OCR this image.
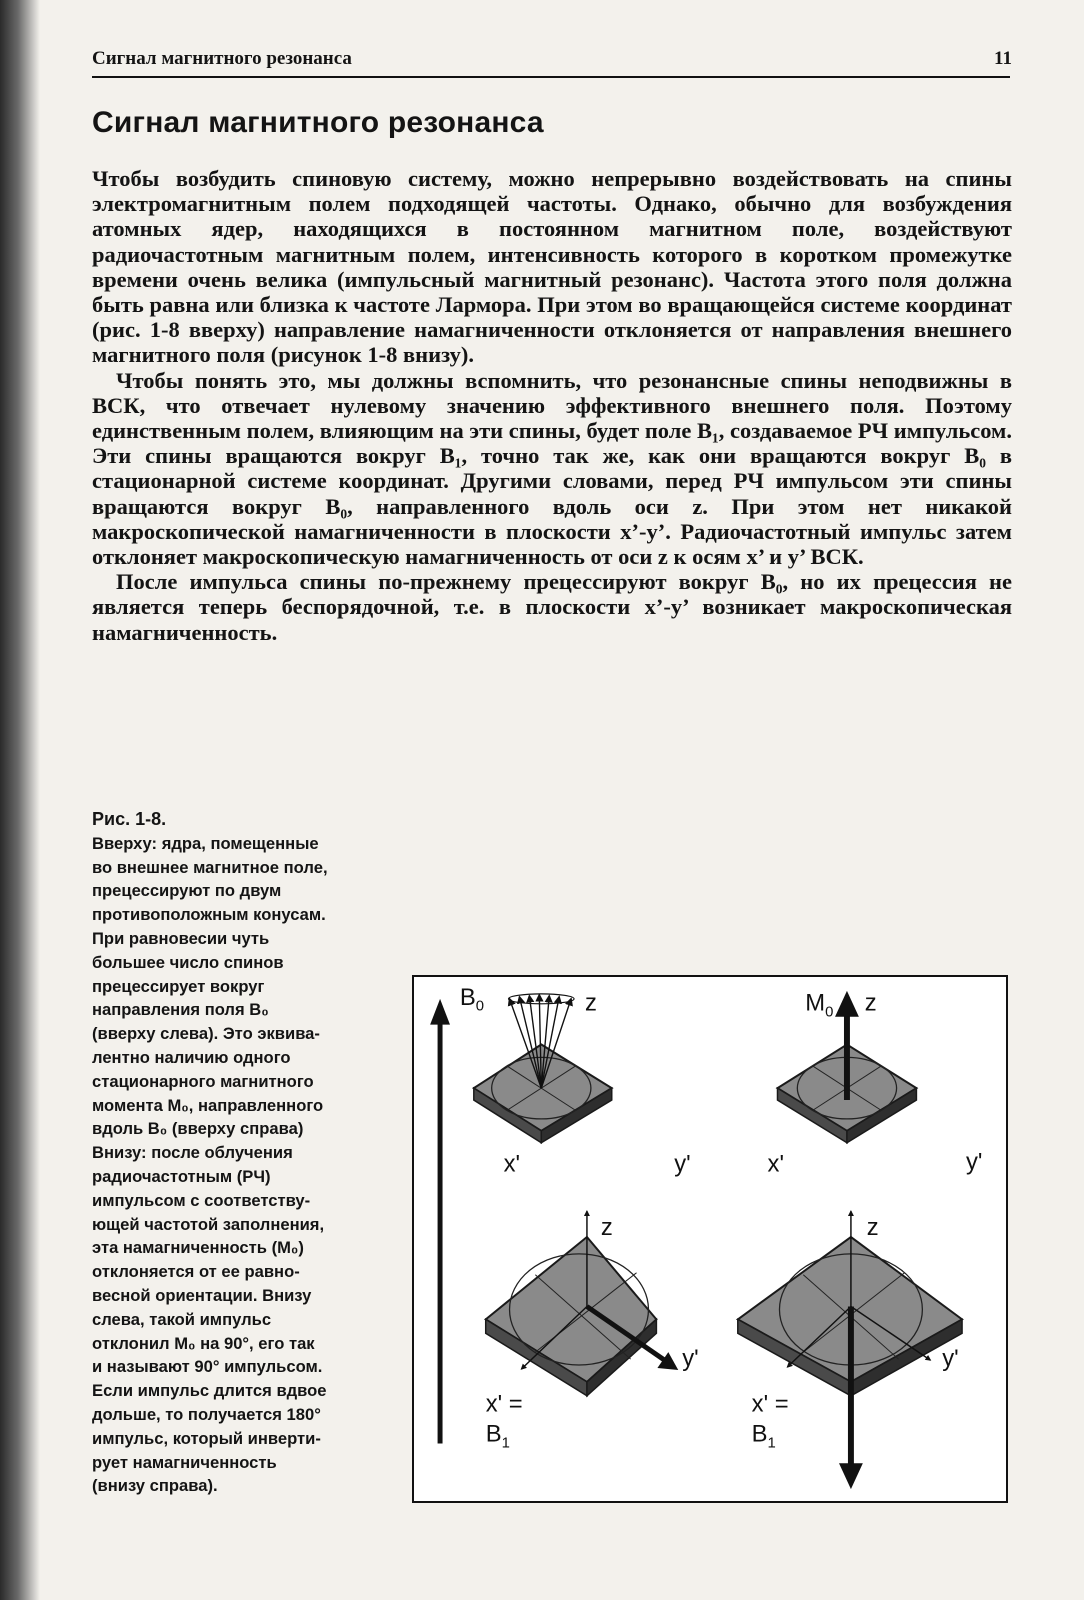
Сигнал магнитного резонанса	11
Сигнал магнитного резонанса

Чтобы возбудить спиновую систему, можно непрерывно воздействовать на спины электромагнитным полем подходящей частоты. Однако, обычно для возбуждения атомных ядер, находящихся в постоянном магнитном поле, воздействуют радиочастотным магнитным полем, интенсивность которого в коротком промежутке времени очень велика (импульсный магнитный резонанс). Частота этого поля должна быть равна или близка к частоте Лармора. При этом во вращающейся системе координат (рис. 1-8 вверху) направление намагниченности отклоняется от направления внешнего магнитного поля (рисунок 1-8 внизу).

Чтобы понять это, мы должны вспомнить, что резонансные спины неподвижны в ВСК, что отвечает нулевому значению эффективного внешнего поля. Поэтому единственным полем, влияющим на эти спины, будет поле B₁, создаваемое РЧ импульсом. Эти спины вращаются вокруг B₁, точно так же, как они вращаются вокруг B₀ в стационарной системе координат. Другими словами, перед РЧ импульсом эти спины вращаются вокруг B₀, направленного вдоль оси z. При этом нет никакой макроскопической намагниченности в плоскости x’-y’. Радиочастотный импульс затем отклоняет макроскопическую намагниченность от оси z к осям x’ и y’ ВСК.

После импульса спины по-прежнему прецессируют вокруг B₀, но их прецессия не является теперь беспорядочной, т.е. в плоскости x’-y’ возникает макроскопическая намагниченность.

Рис. 1-8.
Вверху: ядра, помещенные
во внешнее магнитное поле,
прецессируют по двум
противоположным конусам.
При равновесии чуть
большее число спинов
прецессирует вокруг
направления поля B₀
(вверху слева). Это эквива-
лентно наличию одного
стационарного магнитного
момента M₀, направленного
вдоль B₀ (вверху справа)
Внизу: после облучения
радиочастотным (РЧ)
импульсом с соответству-
ющей частотой заполнения,
эта намагниченность (M₀)
отклоняется от ее равно-
весной ориентации. Внизу
слева, такой импульс
отклонил M₀ на 90°, его так
и называют 90° импульсом.
Если импульс длится вдвое
дольше, то получается 180°
импульс, который инверти-
рует намагниченность
(внизу справа).
z
x'	y'
$B_0$	$M_0$ z
x'	y'
z
y'
x' =
$B_1$
z
y'
x' =
$B_1$
